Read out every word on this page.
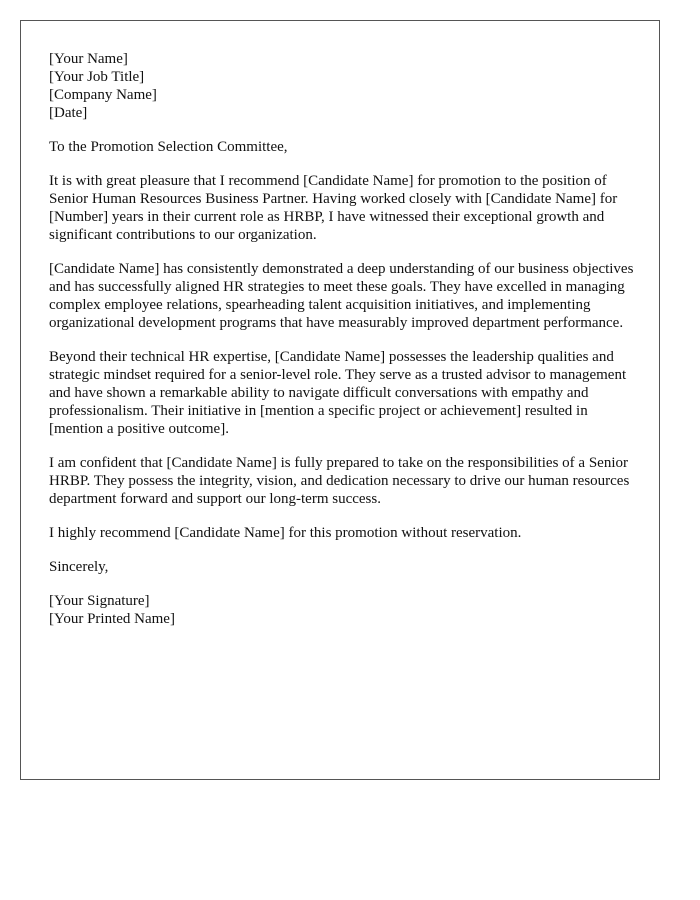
[Your Name]
[Your Job Title]
[Company Name]
[Date]

To the Promotion Selection Committee,

It is with great pleasure that I recommend [Candidate Name] for promotion to the position of Senior Human Resources Business Partner. Having worked closely with [Candidate Name] for [Number] years in their current role as HRBP, I have witnessed their exceptional growth and significant contributions to our organization.

[Candidate Name] has consistently demonstrated a deep understanding of our business objectives and has successfully aligned HR strategies to meet these goals. They have excelled in managing complex employee relations, spearheading talent acquisition initiatives, and implementing organizational development programs that have measurably improved department performance.

Beyond their technical HR expertise, [Candidate Name] possesses the leadership qualities and strategic mindset required for a senior-level role. They serve as a trusted advisor to management and have shown a remarkable ability to navigate difficult conversations with empathy and professionalism. Their initiative in [mention a specific project or achievement] resulted in [mention a positive outcome].

I am confident that [Candidate Name] is fully prepared to take on the responsibilities of a Senior HRBP. They possess the integrity, vision, and dedication necessary to drive our human resources department forward and support our long-term success.

I highly recommend [Candidate Name] for this promotion without reservation.

Sincerely,

[Your Signature]
[Your Printed Name]
